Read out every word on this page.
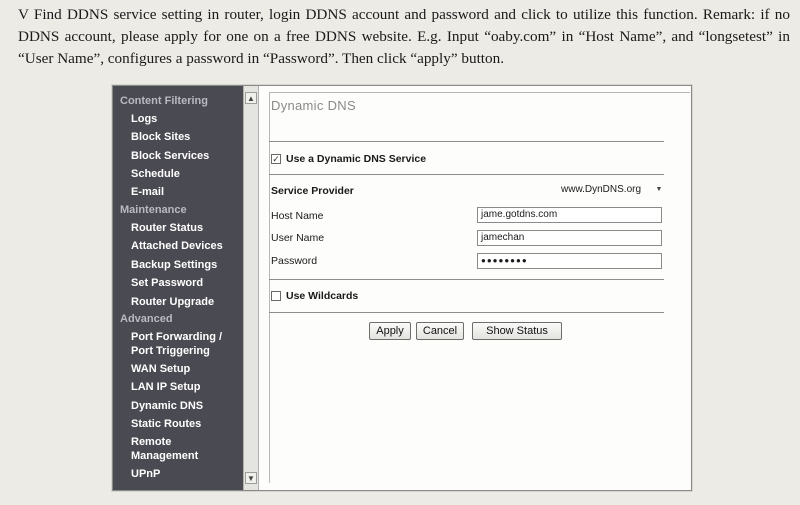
V Find DDNS service setting in router, login DDNS account and password and click to utilize this function. Remark: if no DDNS account, please apply for one on a free DDNS website. E.g. Input “oaby.com” in “Host Name”, and “longsetest” in “User Name”, configures a password in “Password”. Then click “apply” button.

Content Filtering
Logs
Block Sites
Block Services
Schedule
E-mail
Maintenance
Router Status
Attached Devices
Backup Settings
Set Password
Router Upgrade
Advanced
Port Forwarding /
Port Triggering
WAN Setup
LAN IP Setup
Dynamic DNS
Static Routes
Remote
Management
UPnP
▲
▼
Dynamic DNS
✓ Use a Dynamic DNS Service
Service Provider	www.DynDNS.org	▼
Host Name	jame.gotdns.com
User Name	jamechan
Password	●●●●●●●●
Use Wildcards
Apply	Cancel	Show Status
